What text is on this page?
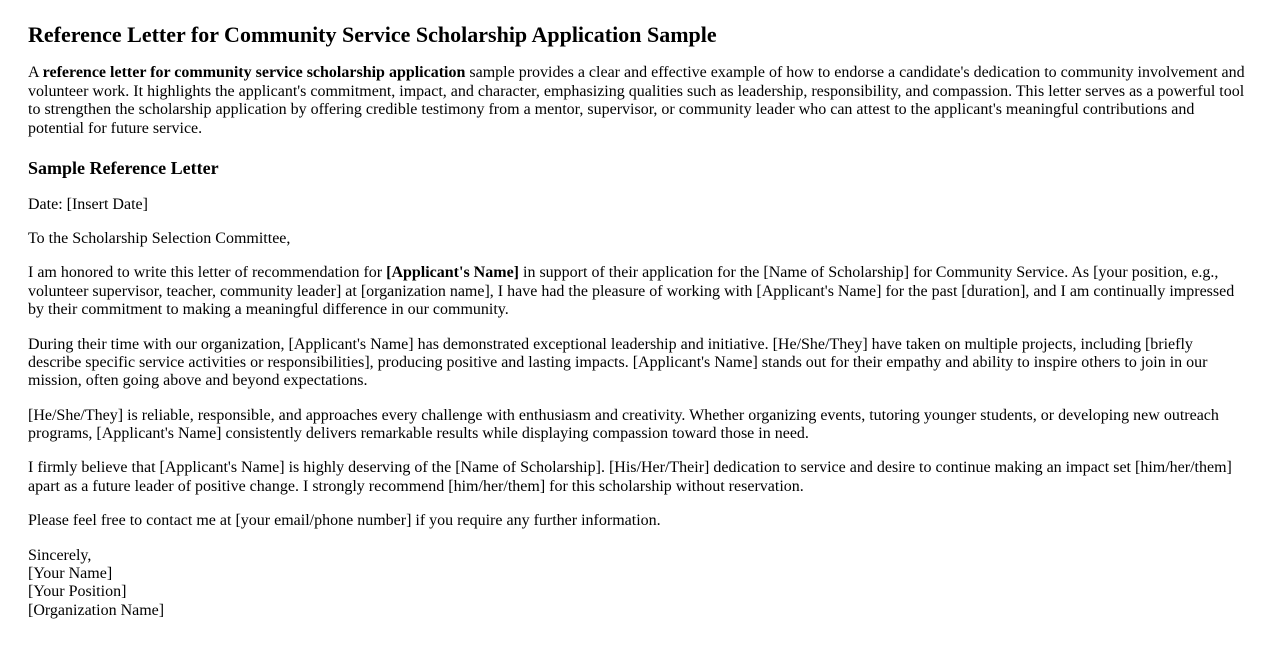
Reference Letter for Community Service Scholarship Application Sample

A reference letter for community service scholarship application sample provides a clear and effective example of how to endorse a candidate's dedication to community involvement and volunteer work. It highlights the applicant's commitment, impact, and character, emphasizing qualities such as leadership, responsibility, and compassion. This letter serves as a powerful tool to strengthen the scholarship application by offering credible testimony from a mentor, supervisor, or community leader who can attest to the applicant's meaningful contributions and potential for future service.

Sample Reference Letter

Date: [Insert Date]

To the Scholarship Selection Committee,

I am honored to write this letter of recommendation for [Applicant's Name] in support of their application for the [Name of Scholarship] for Community Service. As [your position, e.g., volunteer supervisor, teacher, community leader] at [organization name], I have had the pleasure of working with [Applicant's Name] for the past [duration], and I am continually impressed by their commitment to making a meaningful difference in our community.

During their time with our organization, [Applicant's Name] has demonstrated exceptional leadership and initiative. [He/She/They] have taken on multiple projects, including [briefly describe specific service activities or responsibilities], producing positive and lasting impacts. [Applicant's Name] stands out for their empathy and ability to inspire others to join in our mission, often going above and beyond expectations.

[He/She/They] is reliable, responsible, and approaches every challenge with enthusiasm and creativity. Whether organizing events, tutoring younger students, or developing new outreach programs, [Applicant's Name] consistently delivers remarkable results while displaying compassion toward those in need.

I firmly believe that [Applicant's Name] is highly deserving of the [Name of Scholarship]. [His/Her/Their] dedication to service and desire to continue making an impact set [him/her/them] apart as a future leader of positive change. I strongly recommend [him/her/them] for this scholarship without reservation.

Please feel free to contact me at [your email/phone number] if you require any further information.

Sincerely,
[Your Name]
[Your Position]
[Organization Name]
